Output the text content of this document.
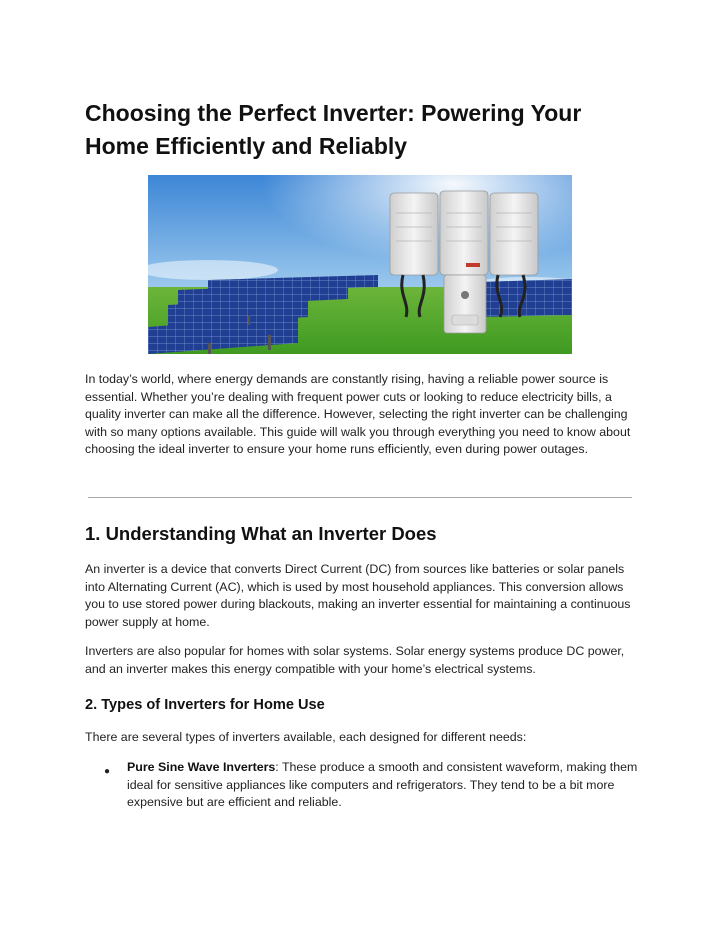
Choosing the Perfect Inverter: Powering Your Home Efficiently and Reliably

In today’s world, where energy demands are constantly rising, having a reliable power source is essential. Whether you’re dealing with frequent power cuts or looking to reduce electricity bills, a quality inverter can make all the difference. However, selecting the right inverter can be challenging with so many options available. This guide will walk you through everything you need to know about choosing the ideal inverter to ensure your home runs efficiently, even during power outages.

1. Understanding What an Inverter Does

An inverter is a device that converts Direct Current (DC) from sources like batteries or solar panels into Alternating Current (AC), which is used by most household appliances. This conversion allows you to use stored power during blackouts, making an inverter essential for maintaining a continuous power supply at home.

Inverters are also popular for homes with solar systems. Solar energy systems produce DC power, and an inverter makes this energy compatible with your home’s electrical systems.

2. Types of Inverters for Home Use

There are several types of inverters available, each designed for different needs:

● Pure Sine Wave Inverters: These produce a smooth and consistent waveform, making them ideal for sensitive appliances like computers and refrigerators. They tend to be a bit more expensive but are efficient and reliable.
